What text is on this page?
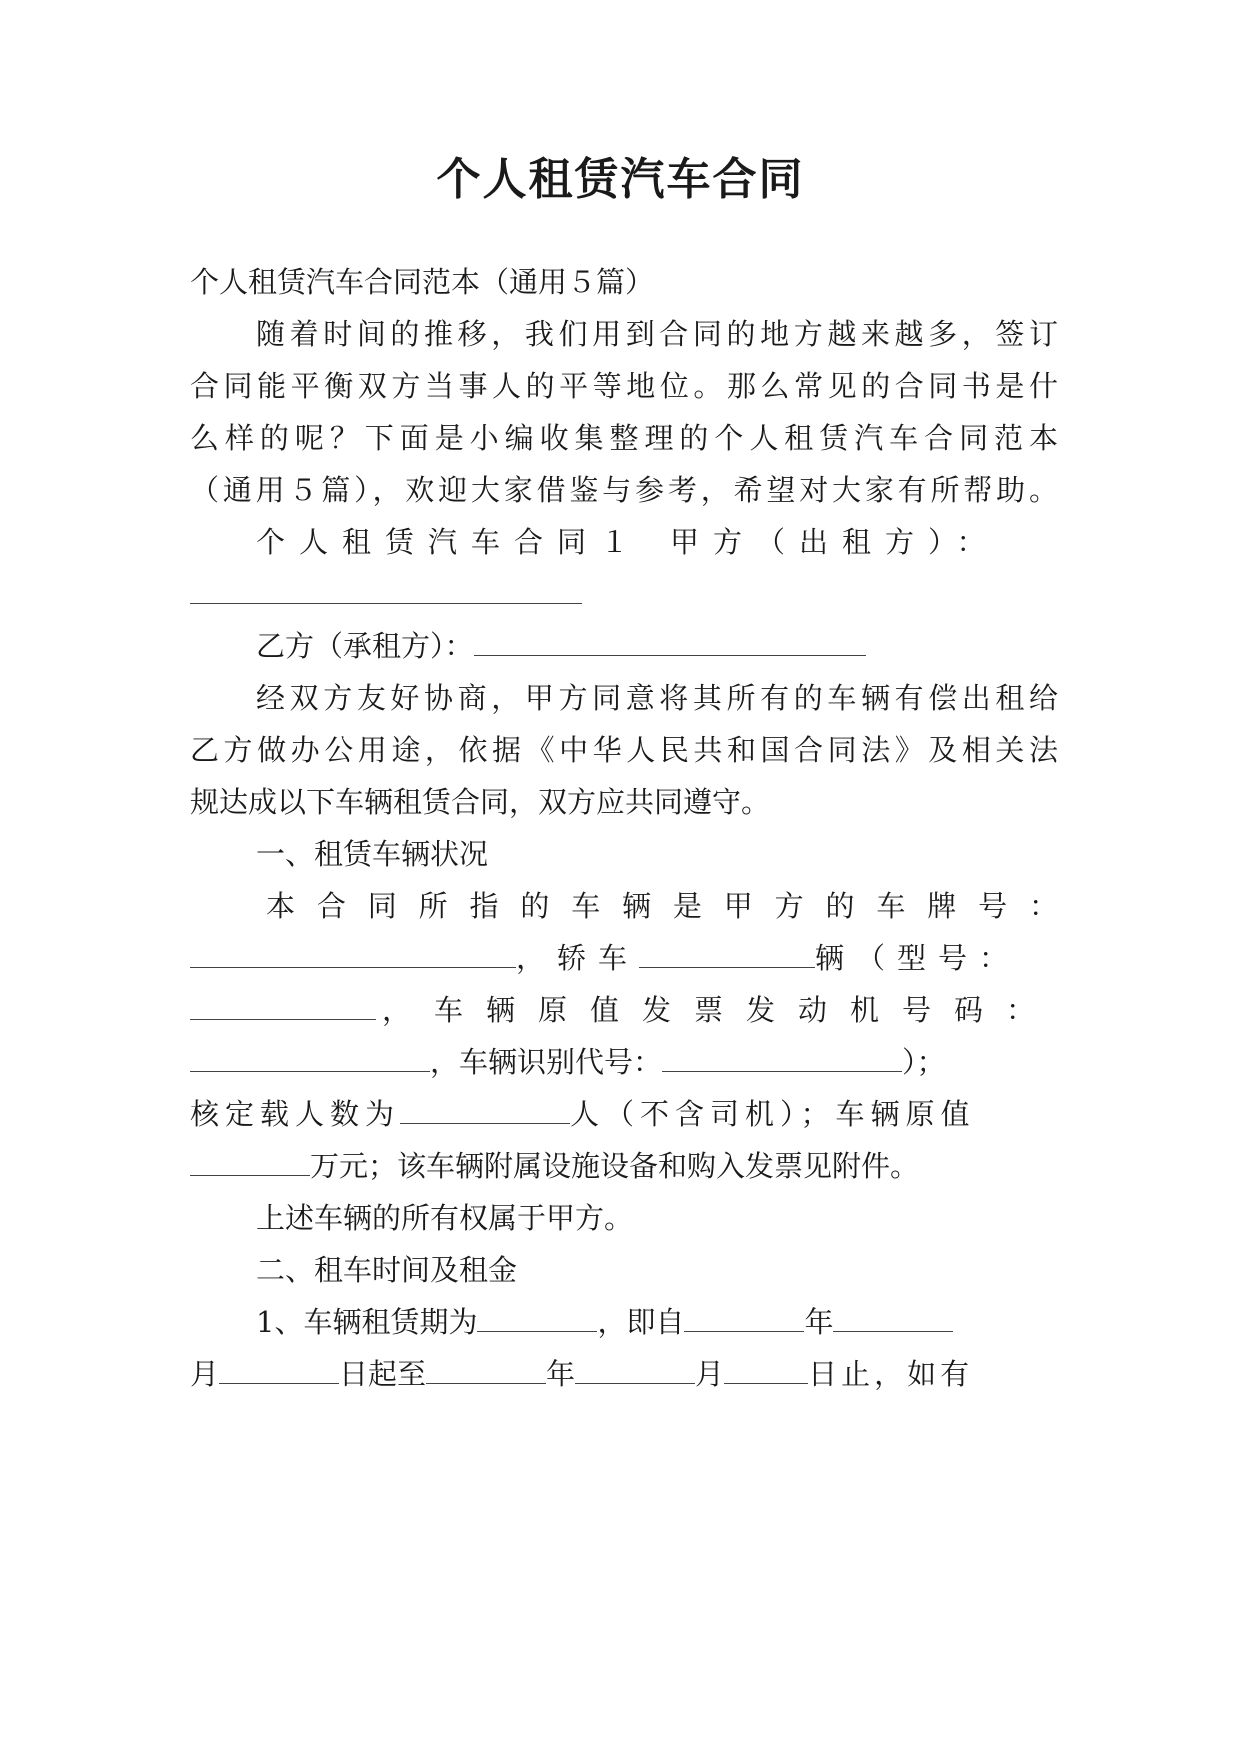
个人租赁汽车合同
个人租赁汽车合同范本（通用５篇）
随着时间的推移，我们用到合同的地方越来越多，签订
合同能平衡双方当事人的平等地位。那么常见的合同书是什
么样的呢？下面是小编收集整理的个人租赁汽车合同范本
（通用５篇），欢迎大家借鉴与参考，希望对大家有所帮助。
个人租赁汽车合同１ 甲方（出租方）：
乙方（承租方）：
经双方友好协商，甲方同意将其所有的车辆有偿出租给
乙方做办公用途，依据《中华人民共和国合同法》及相关法
规达成以下车辆租赁合同，双方应共同遵守。
一、租赁车辆状况
本合同所指的车辆是甲方的车牌号：
，轿车	辆（型号：
，车辆原值发票发动机号码：
，车辆识别代号：	）；
核定载人数为	人（不含司机）；车辆原值
万元；该车辆附属设施设备和购入发票见附件。
上述车辆的所有权属于甲方。
二、租车时间及租金
1、车辆租赁期为	，即自	年
月	日起至	年	月	日止，如有
